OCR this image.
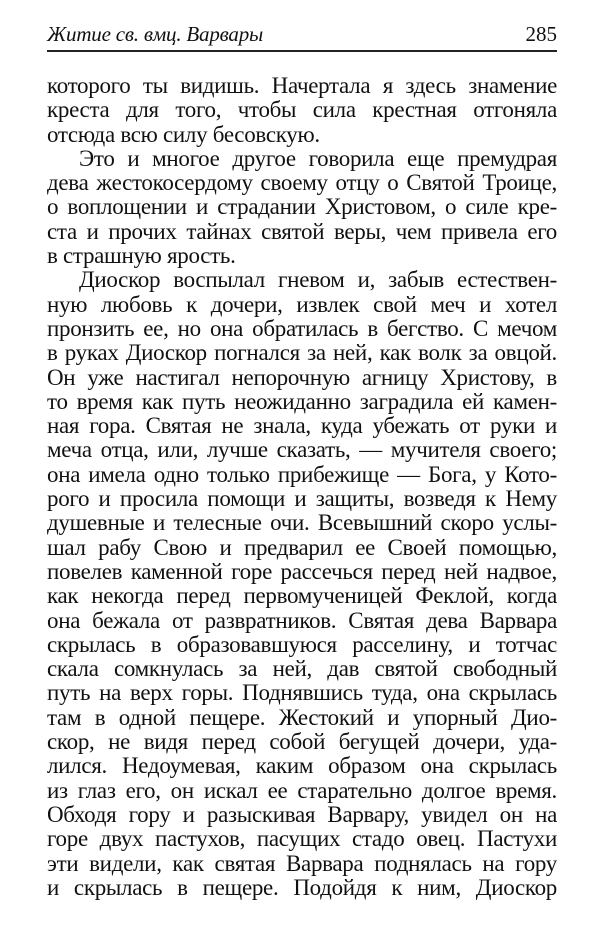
Житие св. вмц. Варвары	285
которого ты видишь. Начертала я здесь знамение
креста для того, чтобы сила крестная отгоняла
отсюда всю силу бесовскую.
Это и многое другое говорила еще премудрая
дева жестокосердому своему отцу о Святой Троице,
о воплощении и страдании Христовом, о силе кре-
ста и прочих тайнах святой веры, чем привела его
в страшную ярость.
Диоскор воспылал гневом и, забыв естествен-
ную любовь к дочери, извлек свой меч и хотел
пронзить ее, но она обратилась в бегство. С мечом
в руках Диоскор погнался за ней, как волк за овцой.
Он уже настигал непорочную агницу Христову, в
то время как путь неожиданно заградила ей камен-
ная гора. Святая не знала, куда убежать от руки и
меча отца, или, лучше сказать, — мучителя своего;
она имела одно только прибежище — Бога, у Кото-
рого и просила помощи и защиты, возведя к Нему
душевные и телесные очи. Всевышний скоро услы-
шал рабу Свою и предварил ее Своей помощью,
повелев каменной горе рассечься перед ней надвое,
как некогда перед первомученицей Феклой, когда
она бежала от развратников. Святая дева Варвара
скрылась в образовавшуюся расселину, и тотчас
скала сомкнулась за ней, дав святой свободный
путь на верх горы. Поднявшись туда, она скрылась
там в одной пещере. Жестокий и упорный Дио-
скор, не видя перед собой бегущей дочери, уда-
лился. Недоумевая, каким образом она скрылась
из глаз его, он искал ее старательно долгое время.
Обходя гору и разыскивая Варвару, увидел он на
горе двух пастухов, пасущих стадо овец. Пастухи
эти видели, как святая Варвара поднялась на гору
и скрылась в пещере. Подойдя к ним, Диоскор
